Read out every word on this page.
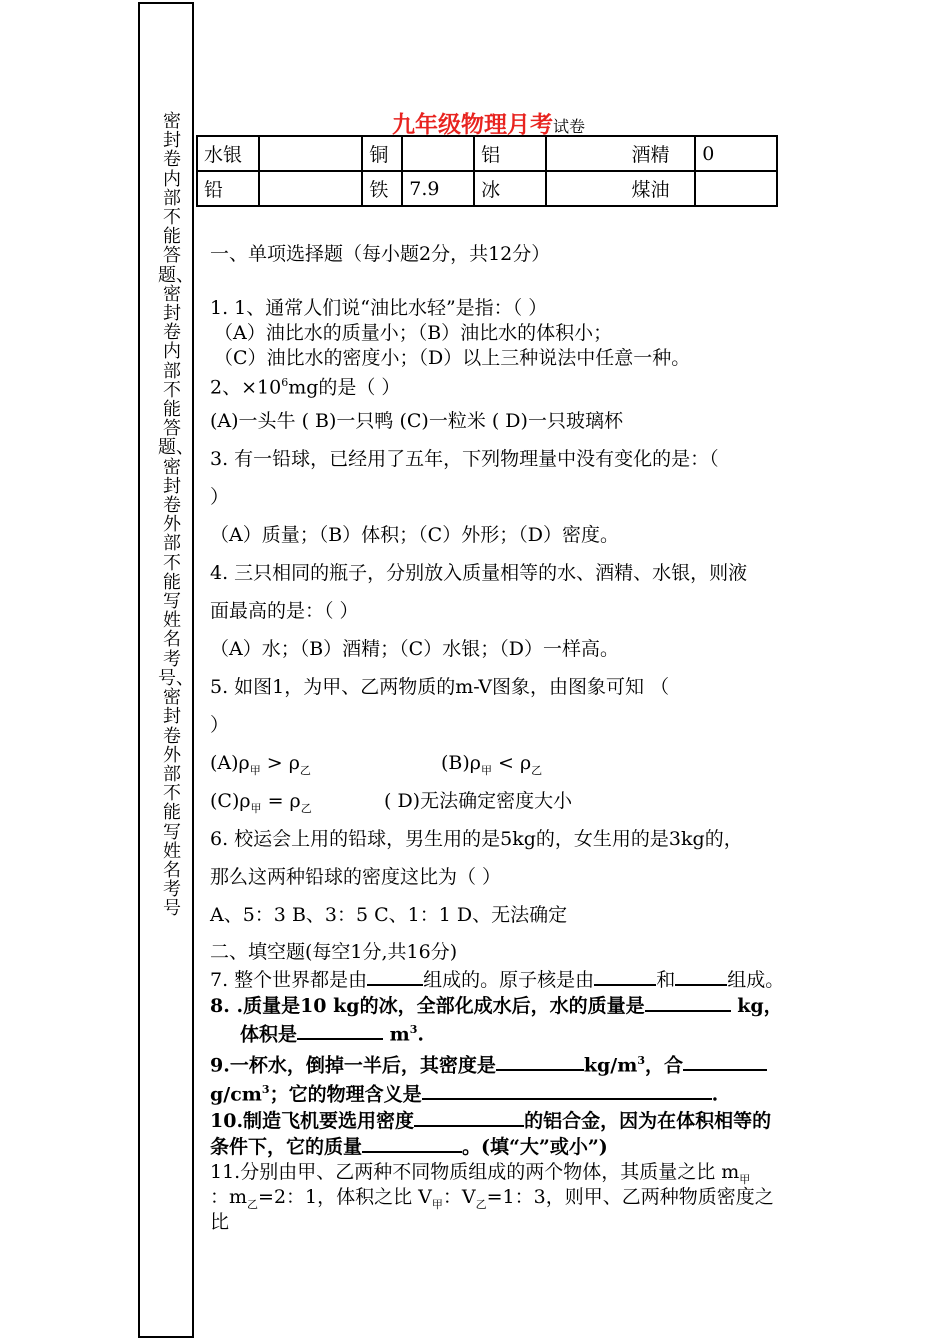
密封卷内部不能答题、密封卷内部不能答题、密封卷外部不能写姓名考号、密封卷外部不能写姓名考号
九年级物理月考试卷
水银		铜		铝		酒精	0
铅		铁	7.9	冰		煤油	
一、单项选择题（每小题2分，共12分）
1. 1、通常人们说“油比水轻”是指：（ ）
（A）油比水的质量小；（B）油比水的体积小；
（C）油比水的密度小；（D）以上三种说法中任意一种。
2、$\times 10^6mg$的是（ ）
(A)一头牛 ( B)一只鸭 (C)一粒米 ( D)一只玻璃杯
3. 有一铅球，已经用了五年，下列物理量中没有变化的是：（
）
（A）质量；（B）体积；（C）外形；（D）密度。
4. 三只相同的瓶子，分别放入质量相等的水、酒精、水银，则液
面最高的是：（ ）
（A）水；（B）酒精；（C）水银；（D）一样高。
5. 如图1，为甲、乙两物质的m-V图象，由图象可知 （
）
$(A)\rho_甲 > \rho_乙$	$(B)\rho_甲 < \rho_乙$
$(C)\rho_甲 = \rho_乙$	( D)无法确定密度大小
6. 校运会上用的铅球，男生用的是5kg的，女生用的是3kg的，
那么这两种铅球的密度这比为（ ）
A、5：3 B、3：5 C、1：1 D、无法确定
二、填空题(每空1分,共16分)
7. 整个世界都是由	组成的。原子核是由	和	组成。
8. .质量是10 kg的冰，全部化成水后，水的质量是	kg，
体积是	$m^3$.
9.一杯水，倒掉一半后，其密度是	$kg/m^3$，合
$g/cm^3$；它的物理含义是	.
10.制造飞机要选用密度	的铝合金，因为在体积相等的
条件下，它的质量	。(填“大”或小”)
11.分别由甲、乙两种不同物质组成的两个物体，其质量之比 $m_甲$
：$m_乙=2$：1，体积之比 $V_甲$：$V_乙=1$：3，则甲、乙两种物质密度之
比
